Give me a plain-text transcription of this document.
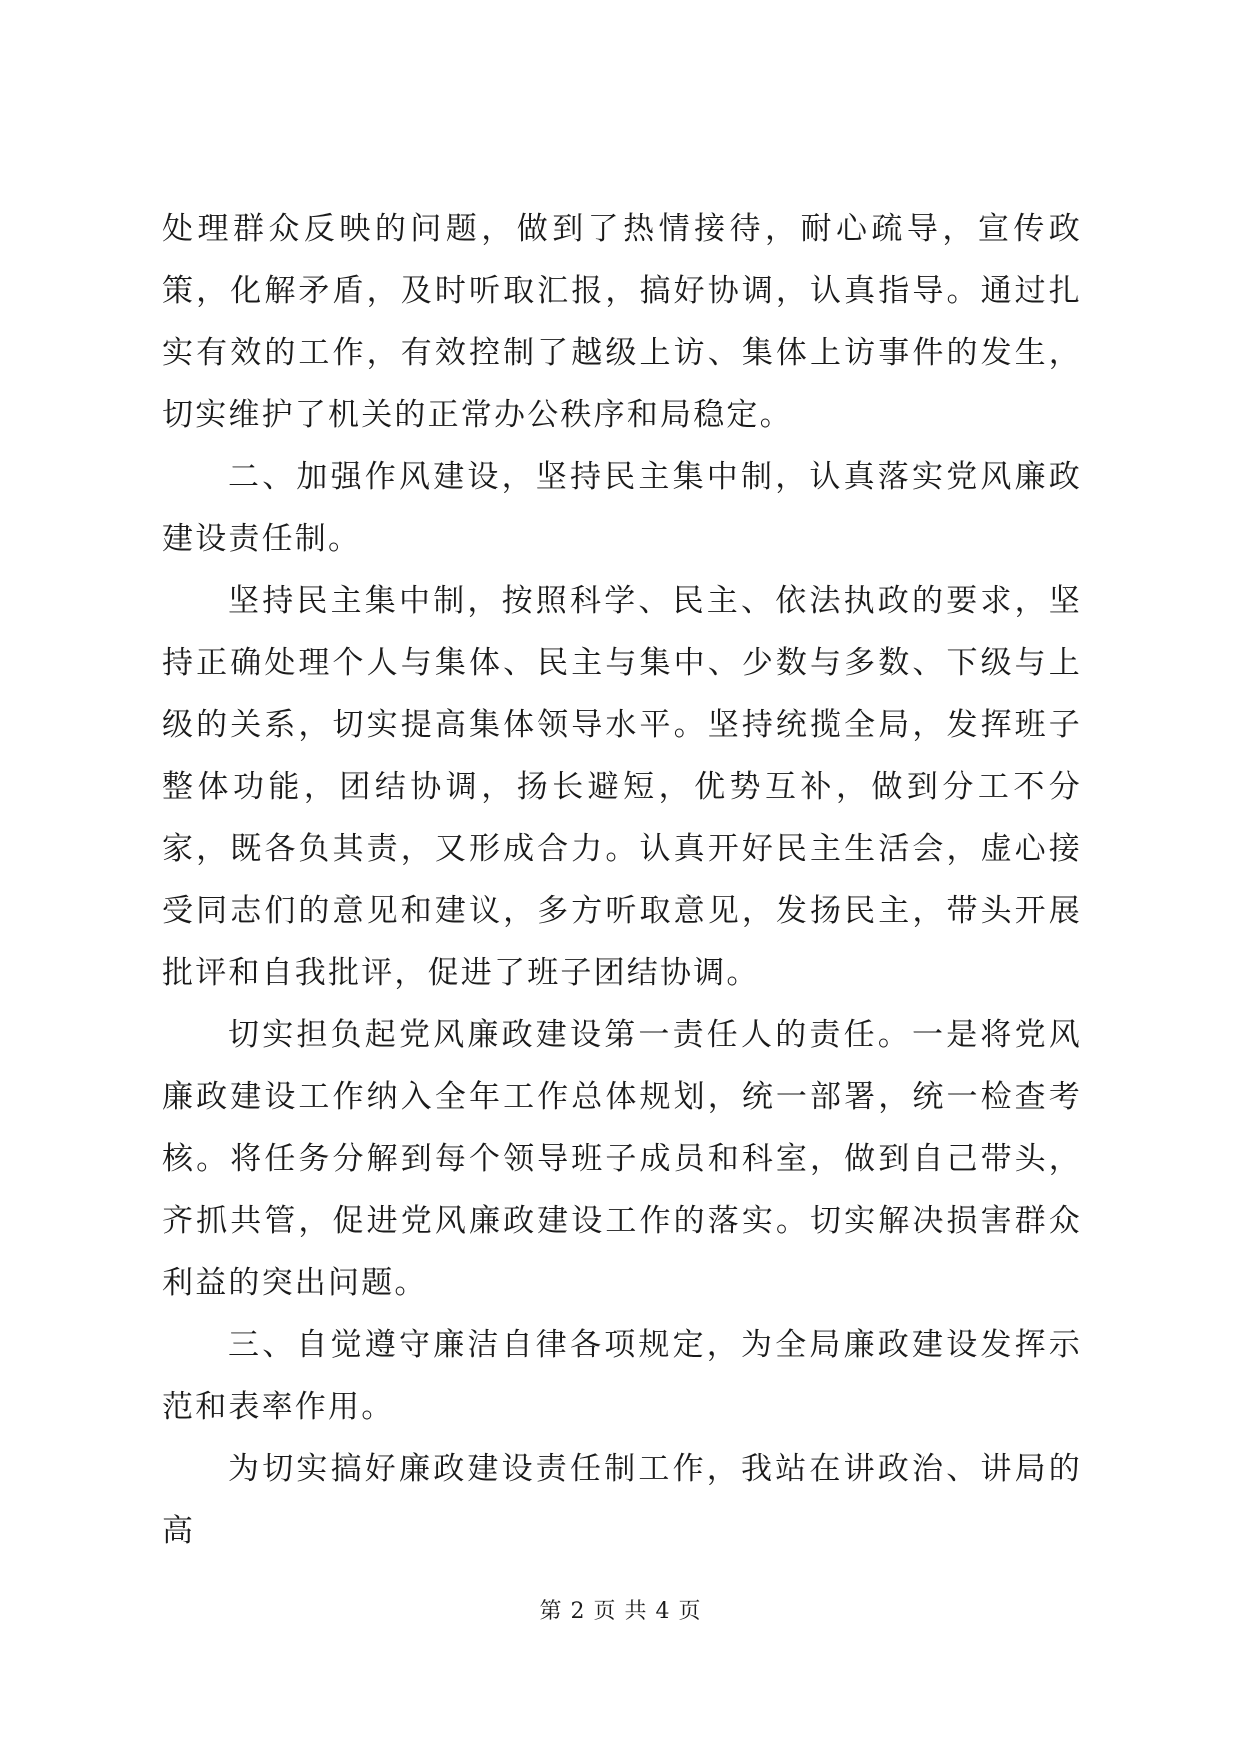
处理群众反映的问题，做到了热情接待，耐心疏导，宣传政策，化解矛盾，及时听取汇报，搞好协调，认真指导。通过扎实有效的工作，有效控制了越级上访、集体上访事件的发生，切实维护了机关的正常办公秩序和局稳定。

二、加强作风建设，坚持民主集中制，认真落实党风廉政建设责任制。

坚持民主集中制，按照科学、民主、依法执政的要求，坚持正确处理个人与集体、民主与集中、少数与多数、下级与上级的关系，切实提高集体领导水平。坚持统揽全局，发挥班子整体功能，团结协调，扬长避短，优势互补，做到分工不分家，既各负其责，又形成合力。认真开好民主生活会，虚心接受同志们的意见和建议，多方听取意见，发扬民主，带头开展批评和自我批评，促进了班子团结协调。

切实担负起党风廉政建设第一责任人的责任。一是将党风廉政建设工作纳入全年工作总体规划，统一部署，统一检查考核。将任务分解到每个领导班子成员和科室，做到自己带头，齐抓共管，促进党风廉政建设工作的落实。切实解决损害群众利益的突出问题。

三、自觉遵守廉洁自律各项规定，为全局廉政建设发挥示范和表率作用。

为切实搞好廉政建设责任制工作，我站在讲政治、讲局的高

第 2 页 共 4 页
